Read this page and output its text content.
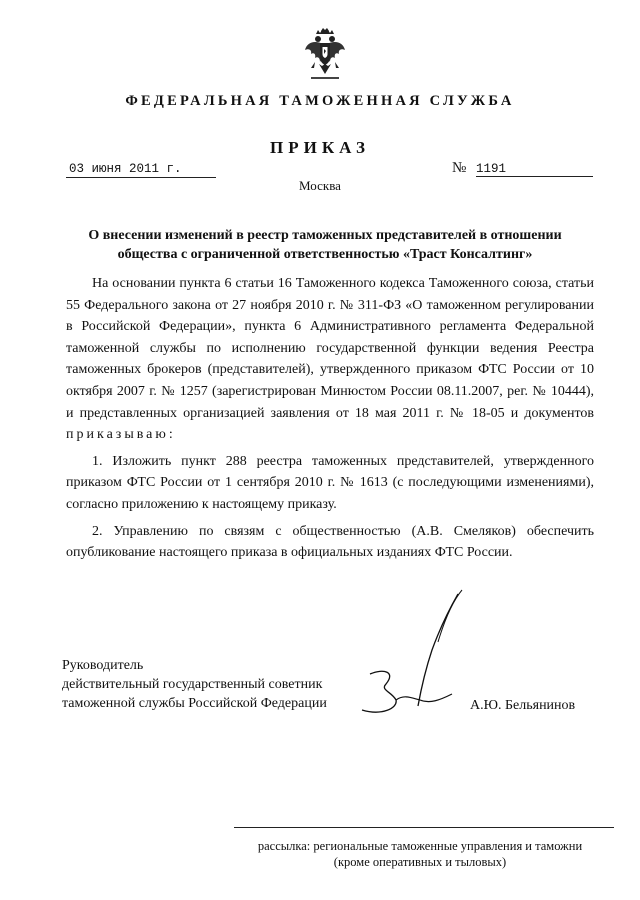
ФЕДЕРАЛЬНАЯ ТАМОЖЕННАЯ СЛУЖБА
ПРИКАЗ
03 июня 2011 г.	№ 1191
Москва
О внесении изменений в реестр таможенных представителей в отношении
общества с ограниченной ответственностью «Траст Консалтинг»

На основании пункта 6 статьи 16 Таможенного кодекса Таможенного союза, статьи 55 Федерального закона от 27 ноября 2010 г. № 311-ФЗ «О таможенном регулировании в Российской Федерации», пункта 6 Административного регламента Федеральной таможенной службы по исполнению государственной функции ведения Реестра таможенных брокеров (представителей), утвержденного приказом ФТС России от 10 октября 2007 г. № 1257 (зарегистрирован Минюстом России 08.11.2007, рег. № 10444), и представленных организацией заявления от 18 мая 2011 г. № 18-05 и документов приказываю:

1. Изложить пункт 288 реестра таможенных представителей, утвержденного приказом ФТС России от 1 сентября 2010 г. № 1613 (с последующими изменениями), согласно приложению к настоящему приказу.

2. Управлению по связям с общественностью (А.В. Смеляков) обеспечить опубликование настоящего приказа в официальных изданиях ФТС России.

Руководитель
действительный государственный советник
таможенной службы Российской Федерации	А.Ю. Бельянинов
рассылка: региональные таможенные управления и таможни
(кроме оперативных и тыловых)
